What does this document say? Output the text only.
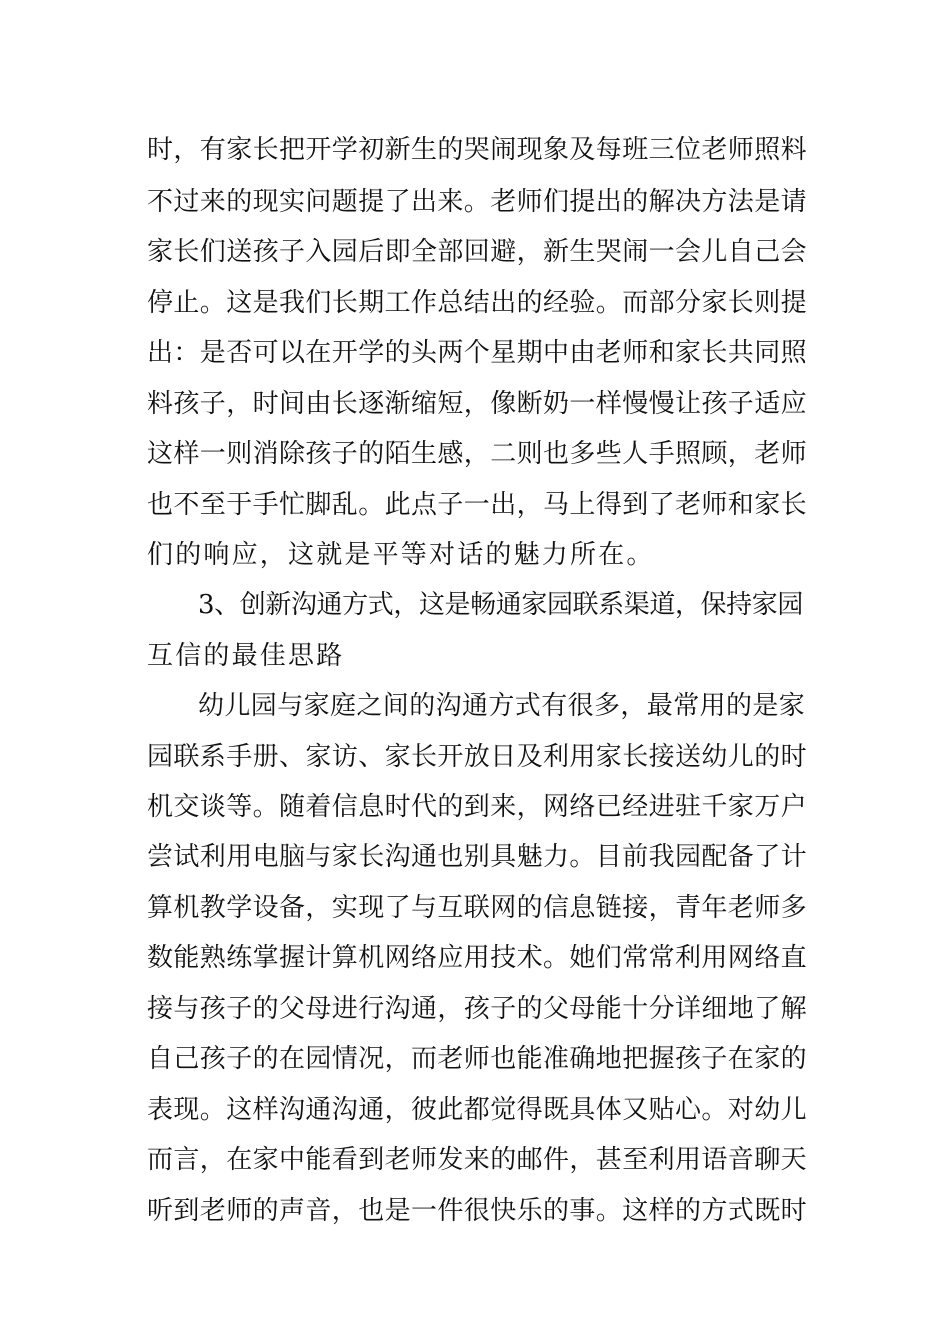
时，有家长把开学初新生的哭闹现象及每班三位老师照料
不过来的现实问题提了出来。老师们提出的解决方法是请
家长们送孩子入园后即全部回避，新生哭闹一会儿自己会
停止。这是我们长期工作总结出的经验。而部分家长则提
出：是否可以在开学的头两个星期中由老师和家长共同照
料孩子，时间由长逐渐缩短，像断奶一样慢慢让孩子适应
这样一则消除孩子的陌生感，二则也多些人手照顾，老师
也不至于手忙脚乱。此点子一出，马上得到了老师和家长
们的响应，这就是平等对话的魅力所在。
3、创新沟通方式，这是畅通家园联系渠道，保持家园
互信的最佳思路
幼儿园与家庭之间的沟通方式有很多，最常用的是家
园联系手册、家访、家长开放日及利用家长接送幼儿的时
机交谈等。随着信息时代的到来，网络已经进驻千家万户
尝试利用电脑与家长沟通也别具魅力。目前我园配备了计
算机教学设备，实现了与互联网的信息链接，青年老师多
数能熟练掌握计算机网络应用技术。她们常常利用网络直
接与孩子的父母进行沟通，孩子的父母能十分详细地了解
自己孩子的在园情况，而老师也能准确地把握孩子在家的
表现。这样沟通沟通，彼此都觉得既具体又贴心。对幼儿
而言，在家中能看到老师发来的邮件，甚至利用语音聊天
听到老师的声音，也是一件很快乐的事。这样的方式既时
